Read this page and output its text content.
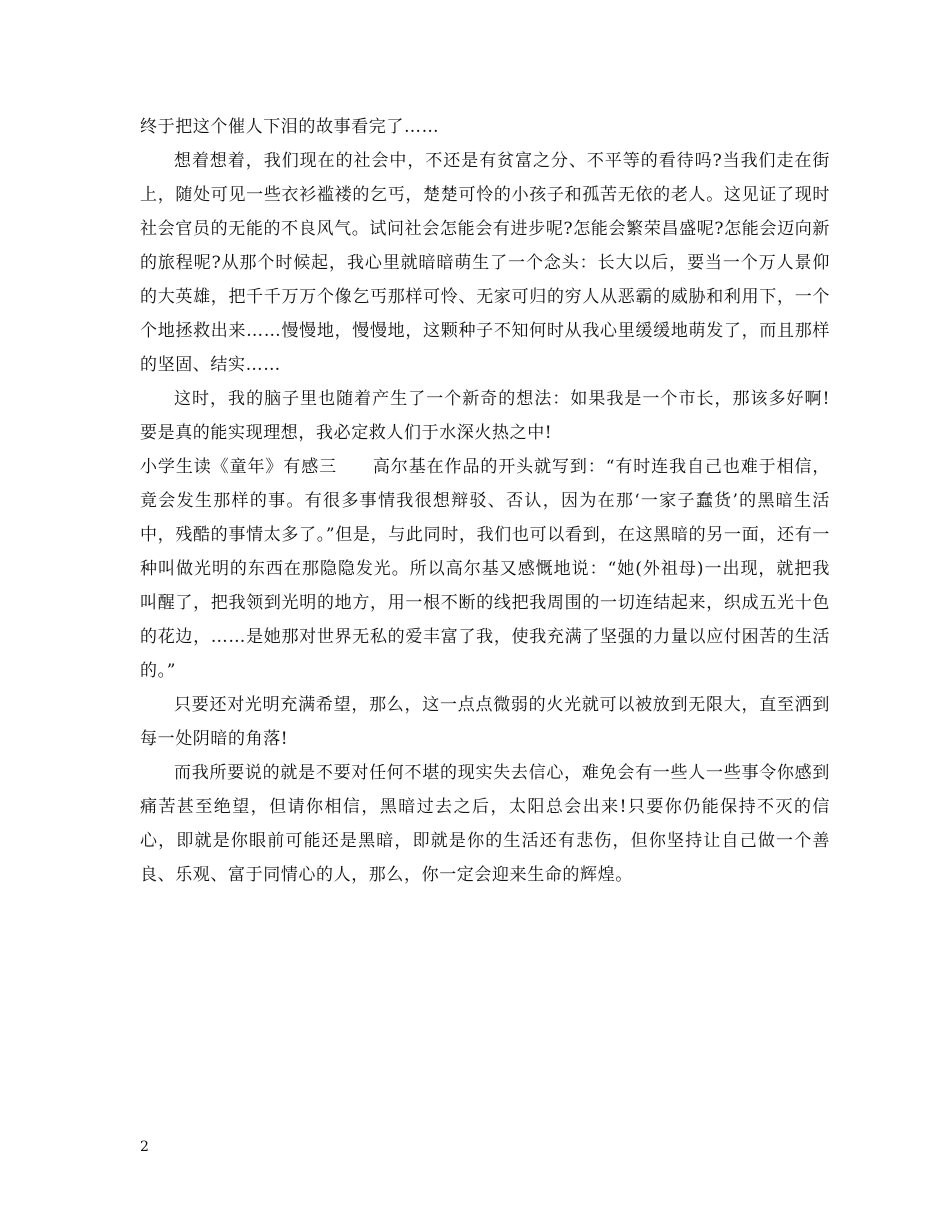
终于把这个催人下泪的故事看完了……

想着想着，我们现在的社会中，不还是有贫富之分、不平等的看待吗?当我们走在街上，随处可见一些衣衫褴褛的乞丐，楚楚可怜的小孩子和孤苦无依的老人。这见证了现时社会官员的无能的不良风气。试问社会怎能会有进步呢?怎能会繁荣昌盛呢?怎能会迈向新的旅程呢?从那个时候起，我心里就暗暗萌生了一个念头：长大以后，要当一个万人景仰的大英雄，把千千万万个像乞丐那样可怜、无家可归的穷人从恶霸的威胁和利用下，一个个地拯救出来……慢慢地，慢慢地，这颗种子不知何时从我心里缓缓地萌发了，而且那样的坚固、结实……

这时，我的脑子里也随着产生了一个新奇的想法：如果我是一个市长，那该多好啊!要是真的能实现理想，我必定救人们于水深火热之中!

小学生读《童年》有感三　　高尔基在作品的开头就写到：“有时连我自己也难于相信，竟会发生那样的事。有很多事情我很想辩驳、否认，因为在那‘一家子蠢货’的黑暗生活中，残酷的事情太多了。”但是，与此同时，我们也可以看到，在这黑暗的另一面，还有一种叫做光明的东西在那隐隐发光。所以高尔基又感慨地说：“她(外祖母)一出现，就把我叫醒了，把我领到光明的地方，用一根不断的线把我周围的一切连结起来，织成五光十色的花边，……是她那对世界无私的爱丰富了我，使我充满了坚强的力量以应付困苦的生活的。”

只要还对光明充满希望，那么，这一点点微弱的火光就可以被放到无限大，直至洒到每一处阴暗的角落!

而我所要说的就是不要对任何不堪的现实失去信心，难免会有一些人一些事令你感到痛苦甚至绝望，但请你相信，黑暗过去之后，太阳总会出来!只要你仍能保持不灭的信心，即就是你眼前可能还是黑暗，即就是你的生活还有悲伤，但你坚持让自己做一个善良、乐观、富于同情心的人，那么，你一定会迎来生命的辉煌。

2
